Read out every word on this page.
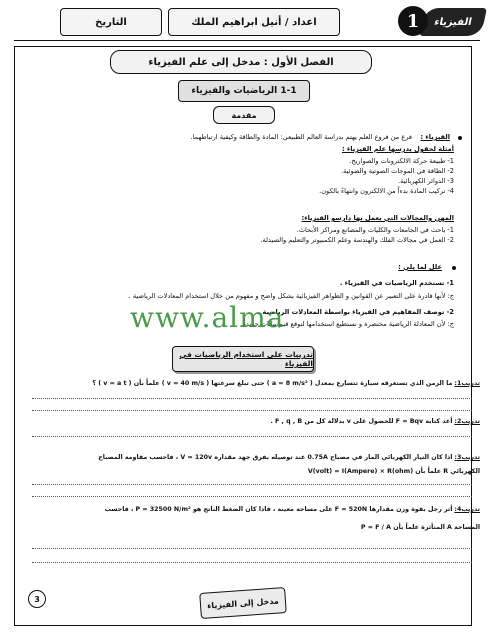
الفيزياء
1
اعداد / أنيل ابراهيم الملك
التاريخ
الفصل الأول : مدخل إلى علم الفيزياء
1-1 الرياضيات والفيزياء
مقدمة
الفيزياء :
فرع من فروع العلم يهتم بدراسة العالم الطبيعي: المادة والطاقة وكيفية ارتباطهما.
أمثلة لحقول يدرسها علم الفيزياء :
1- طبيعة حركة الالكترونات والصواريخ.
2- الطاقة في الموجات الصوتية والضوئية.
3- الدوائر الكهربائية.
4- تركيب المادة بدءاً من الالكترون وانتهاءً بالكون.
المهن والمجالات التي يعمل بها دارسو الفيزياء:
1- باحث في الجامعات والكليات والمصانع ومراكز الأبحاث.
2- العمل في مجالات الفلك والهندسة وعلم الكمبيوتر والتعليم والصيدلة.
علل لما يلي :
1- تستخدم الرياضيات في الفيزياء .
ج: لأنها قادرة على التعبير عن القوانين و الظواهر الفيزيائية بشكل واضح و مفهوم من خلال استخدام المعادلات الرياضية .
2- توصف المفاهيم في الفيزياء بواسطة المعادلات الرياضية .
ج: لأن المعادلة الرياضية مختصرة و نستطيع استخدامها لتوقع قيم بيانات جديدة.
www.alma
تدريبات على استخدام الرياضيات في الفيزياء
تدريب1: ما الزمن الذي تستغرقه سيارة تتسارع بمعدل ( a = 8 m/s² ) حتى تبلغ سرعتها ( v = 40 m/s ) علماً بأن ( v = a t ) ؟
تدريب2: أعد كتابة F = Bqv للحصول على v بدلالة كل من F , q , B .
تدريب3: اذا كان التيار الكهربائي المار في مصباح 0.75A عند توصيله بفرق جهد مقداره V = 120v ، فاحسب مقاومة المصباح
الكهربائي R علماً بأن V(volt) = I(Ampere) × R(ohm)
تدريب4: أثر رجل بقوة وزن مقدارها F = 520N على مساحة معينة ، فاذا كان الضغط الناتج هو P = 32500 N/m² ، فاحسب
المساحة A المتأثرة علماً بأن P = F / A
3	مدخل إلى الفيزياء
